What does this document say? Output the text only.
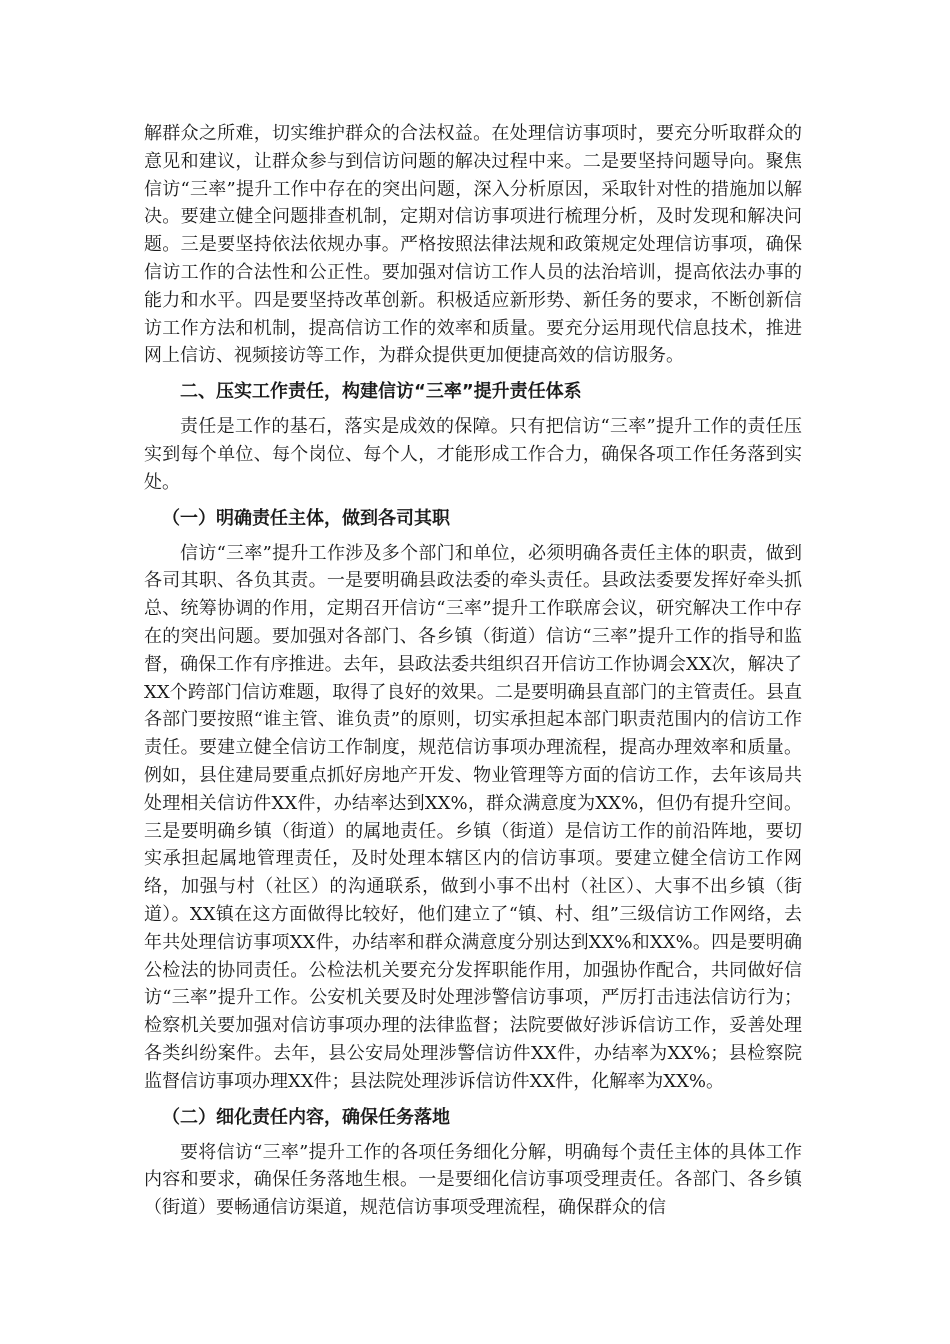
解群众之所难，切实维护群众的合法权益。在处理信访事项时，要充分听取群众的意见和建议，让群众参与到信访问题的解决过程中来。二是要坚持问题导向。聚焦信访“三率”提升工作中存在的突出问题，深入分析原因，采取针对性的措施加以解决。要建立健全问题排查机制，定期对信访事项进行梳理分析，及时发现和解决问题。三是要坚持依法依规办事。严格按照法律法规和政策规定处理信访事项，确保信访工作的合法性和公正性。要加强对信访工作人员的法治培训，提高依法办事的能力和水平。四是要坚持改革创新。积极适应新形势、新任务的要求，不断创新信访工作方法和机制，提高信访工作的效率和质量。要充分运用现代信息技术，推进网上信访、视频接访等工作，为群众提供更加便捷高效的信访服务。

二、压实工作责任，构建信访“三率”提升责任体系

责任是工作的基石，落实是成效的保障。只有把信访“三率”提升工作的责任压实到每个单位、每个岗位、每个人，才能形成工作合力，确保各项工作任务落到实处。

（一）明确责任主体，做到各司其职

信访“三率”提升工作涉及多个部门和单位，必须明确各责任主体的职责，做到各司其职、各负其责。一是要明确县政法委的牵头责任。县政法委要发挥好牵头抓总、统筹协调的作用，定期召开信访“三率”提升工作联席会议，研究解决工作中存在的突出问题。要加强对各部门、各乡镇（街道）信访“三率”提升工作的指导和监督，确保工作有序推进。去年，县政法委共组织召开信访工作协调会XX次，解决了XX个跨部门信访难题，取得了良好的效果。二是要明确县直部门的主管责任。县直各部门要按照“谁主管、谁负责”的原则，切实承担起本部门职责范围内的信访工作责任。要建立健全信访工作制度，规范信访事项办理流程，提高办理效率和质量。例如，县住建局要重点抓好房地产开发、物业管理等方面的信访工作，去年该局共处理相关信访件XX件，办结率达到XX%，群众满意度为XX%，但仍有提升空间。三是要明确乡镇（街道）的属地责任。乡镇（街道）是信访工作的前沿阵地，要切实承担起属地管理责任，及时处理本辖区内的信访事项。要建立健全信访工作网络，加强与村（社区）的沟通联系，做到小事不出村（社区）、大事不出乡镇（街道）。XX镇在这方面做得比较好，他们建立了“镇、村、组”三级信访工作网络，去年共处理信访事项XX件，办结率和群众满意度分别达到XX%和XX%。四是要明确公检法的协同责任。公检法机关要充分发挥职能作用，加强协作配合，共同做好信访“三率”提升工作。公安机关要及时处理涉警信访事项，严厉打击违法信访行为；检察机关要加强对信访事项办理的法律监督；法院要做好涉诉信访工作，妥善处理各类纠纷案件。去年，县公安局处理涉警信访件XX件，办结率为XX%；县检察院监督信访事项办理XX件；县法院处理涉诉信访件XX件，化解率为XX%。

（二）细化责任内容，确保任务落地

要将信访“三率”提升工作的各项任务细化分解，明确每个责任主体的具体工作内容和要求，确保任务落地生根。一是要细化信访事项受理责任。各部门、各乡镇（街道）要畅通信访渠道，规范信访事项受理流程，确保群众的信
